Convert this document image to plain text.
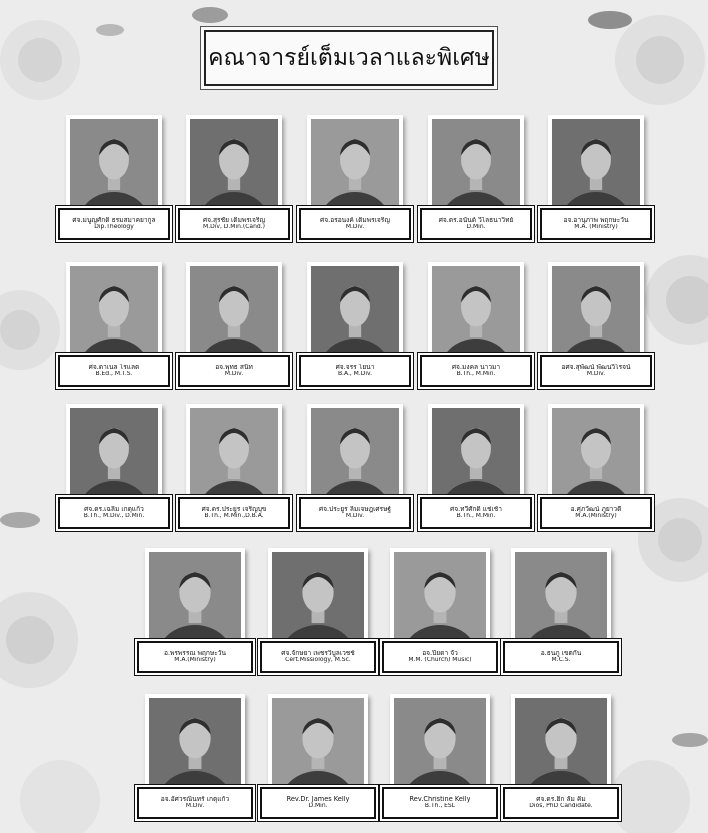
คณาจารย์เต็มเวลาและพิเศษ
ศจ.มนูญศักดิ์ ธรมสมาคยากูล
Dip.Theology
ศจ.สุรชัย เติมพรเจริญ
M.Div, D.Min.(Cand.)
ศจ.อรอนงค์ เติมพรเจริญ
M.Div.
ศจ.ดร.อนันต์ วิไลธนาวิทย์
D.Min.
อจ.อานุภาพ พฤกษะวัน
M.A. (Ministry)
ศจ.ดาเนล โรแลต
B.Ed., M.T.S.
อจ.พุทธ สนิท
M.Div.
ศจ.จรร โยนา
B.A., M.Div.
ศจ.มงคล นาวมา
B.Th., M.Min.
อศจ.สุพัฒน์ พัฒนวิโรจน์
M.Div.
ศจ.ดร.เฉลิม เกตุแก้ว
B.Th., M.Div., D.Min.
ศจ.ดร.ประยูร เจริญบุข
B.Th., M.Min.,D.B.A.
ศจ.ประยูร ลิ้มเจษฎเศรษฐ์
M.Div.
ศจ.ทวีศักดิ์ แช่เช้า
B.Th., M.Min.
อ.ศุภวัฒน์ ภูยาวดี
M.A.(Ministry)
อ.พรพรรณ พฤกษะวัน
M.A.(Ministry)
ศจ.จักษยา เพชรวิบูลเวชช์
Cert.Missiology, M.Sc.
อจ.ปิยดา จั่ว
M.M. (Church) Music)
อ.ธนภู เขตกัน
M.C.S.
อจ.อัศวรณินทร์ เกตุแก้ว
M.Div.
Rev.Dr. James Kelly
D.Min.
Rev.Christine Kelly
B.Th., ESL
ศจ.ดร.ฮิก ลัม คิม
Dios, PhD Candidate.
